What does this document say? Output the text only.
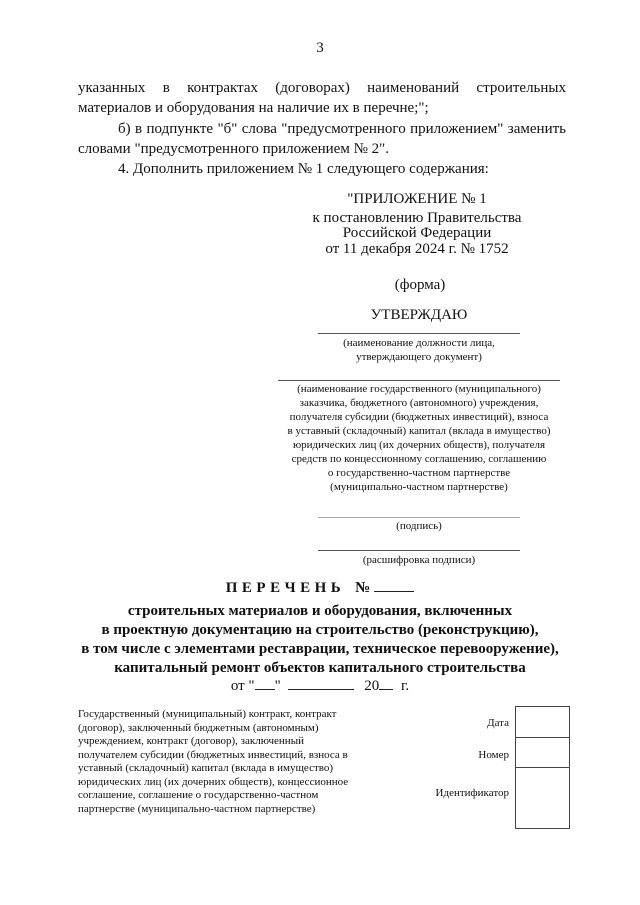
3
указанных в контрактах (договорах) наименований строительных
материалов и оборудования на наличие их в перечне;";
б) в подпункте "б" слова "предусмотренного приложением" заменить
словами "предусмотренного приложением № 2".
4. Дополнить приложением № 1 следующего содержания:
"ПРИЛОЖЕНИЕ № 1
к постановлению Правительства
Российской Федерации
от 11 декабря 2024 г. № 1752
(форма)
УТВЕРЖДАЮ
(наименование должности лица,
утверждающего документ)
(наименование государственного (муниципального)
заказчика, бюджетного (автономного) учреждения,
получателя субсидии (бюджетных инвестиций), взноса
в уставный (складочный) капитал (вклада в имущество)
юридических лиц (их дочерних обществ), получателя
средств по концессионному соглашению, соглашению
о государственно-частном партнерстве
(муниципально-частном партнерстве)
(подпись)
(расшифровка подписи)
ПЕРЕЧЕНЬ №
строительных материалов и оборудования, включенных
в проектную документацию на строительство (реконструкцию),
в том числе с элементами реставрации, техническое перевооружение),
капитальный ремонт объектов капитального строительства
от " "	20 г.
Государственный (муниципальный) контракт, контракт
(договор), заключенный бюджетным (автономным)
учреждением, контракт (договор), заключенный
получателем субсидии (бюджетных инвестиций, взноса в
уставный (складочный) капитал (вклада в имущество)
юридических лиц (их дочерних обществ), концессионное
соглашение, соглашение о государственно-частном
партнерстве (муниципально-частном партнерстве)
Дата
Номер
Идентификатор
